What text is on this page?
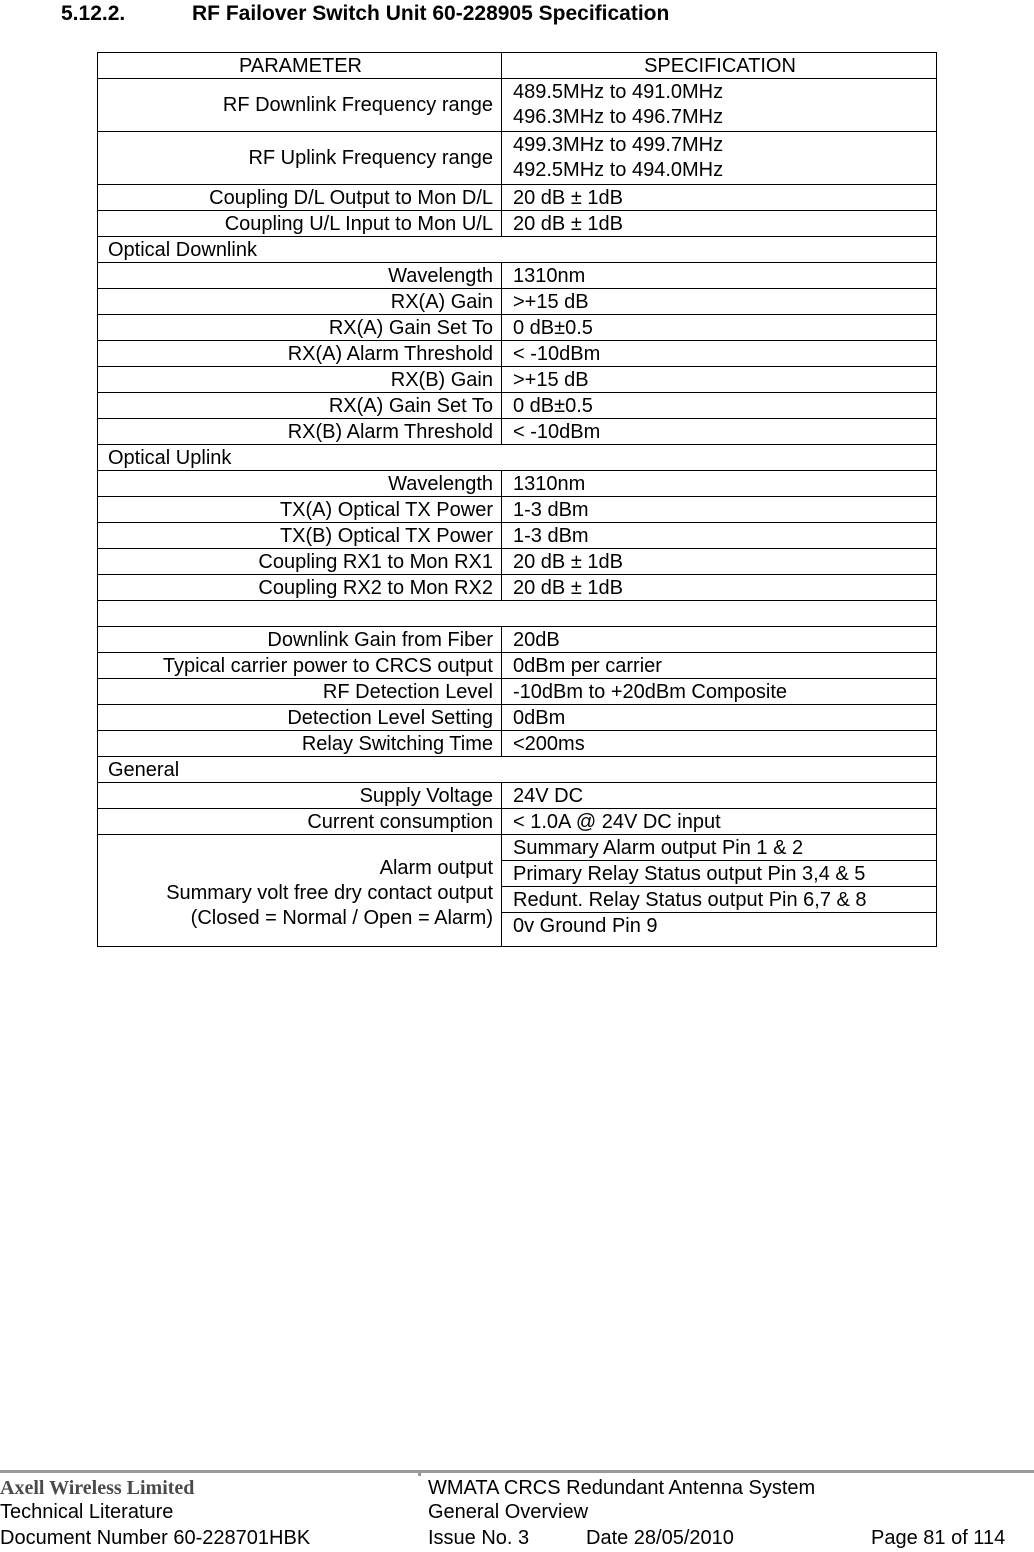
5.12.2.	RF Failover Switch Unit 60-228905 Specification
PARAMETER	SPECIFICATION
RF Downlink Frequency range	489.5MHz to 491.0MHz
496.3MHz to 496.7MHz

RF Uplink Frequency range	499.3MHz to 499.7MHz
492.5MHz to 494.0MHz

Coupling D/L Output to Mon D/L	20 dB ± 1dB
Coupling U/L Input to Mon U/L	20 dB ± 1dB
Optical Downlink	
Wavelength	1310nm
RX(A) Gain	>+15 dB
RX(A) Gain Set To	0 dB±0.5
RX(A) Alarm Threshold	< -10dBm
RX(B) Gain	>+15 dB
RX(A) Gain Set To	0 dB±0.5
RX(B) Alarm Threshold	< -10dBm
Optical Uplink	
Wavelength	1310nm
TX(A) Optical TX Power	1-3 dBm
TX(B) Optical TX Power	1-3 dBm
Coupling RX1 to Mon RX1	20 dB ± 1dB
Coupling RX2 to Mon RX2	20 dB ± 1dB

Downlink Gain from Fiber	20dB
Typical carrier power to CRCS output	0dBm per carrier
RF Detection Level	-10dBm to +20dBm Composite
Detection Level Setting	0dBm
Relay Switching Time	<200ms
General	
Supply Voltage	24V DC
Current consumption	< 1.0A @ 24V DC input

Alarm output
Summary volt free dry contact output
(Closed = Normal / Open = Alarm)	Summary Alarm output Pin 1 & 2
	Primary Relay Status output Pin 3,4 & 5
	Redunt. Relay Status output Pin 6,7 & 8
	0v Ground Pin 9
Axell Wireless Limited
Technical Literature
Document Number 60-228701HBK
WMATA CRCS Redundant Antenna System
General Overview
Issue No. 3	Date 28/05/2010	Page 81 of 114
